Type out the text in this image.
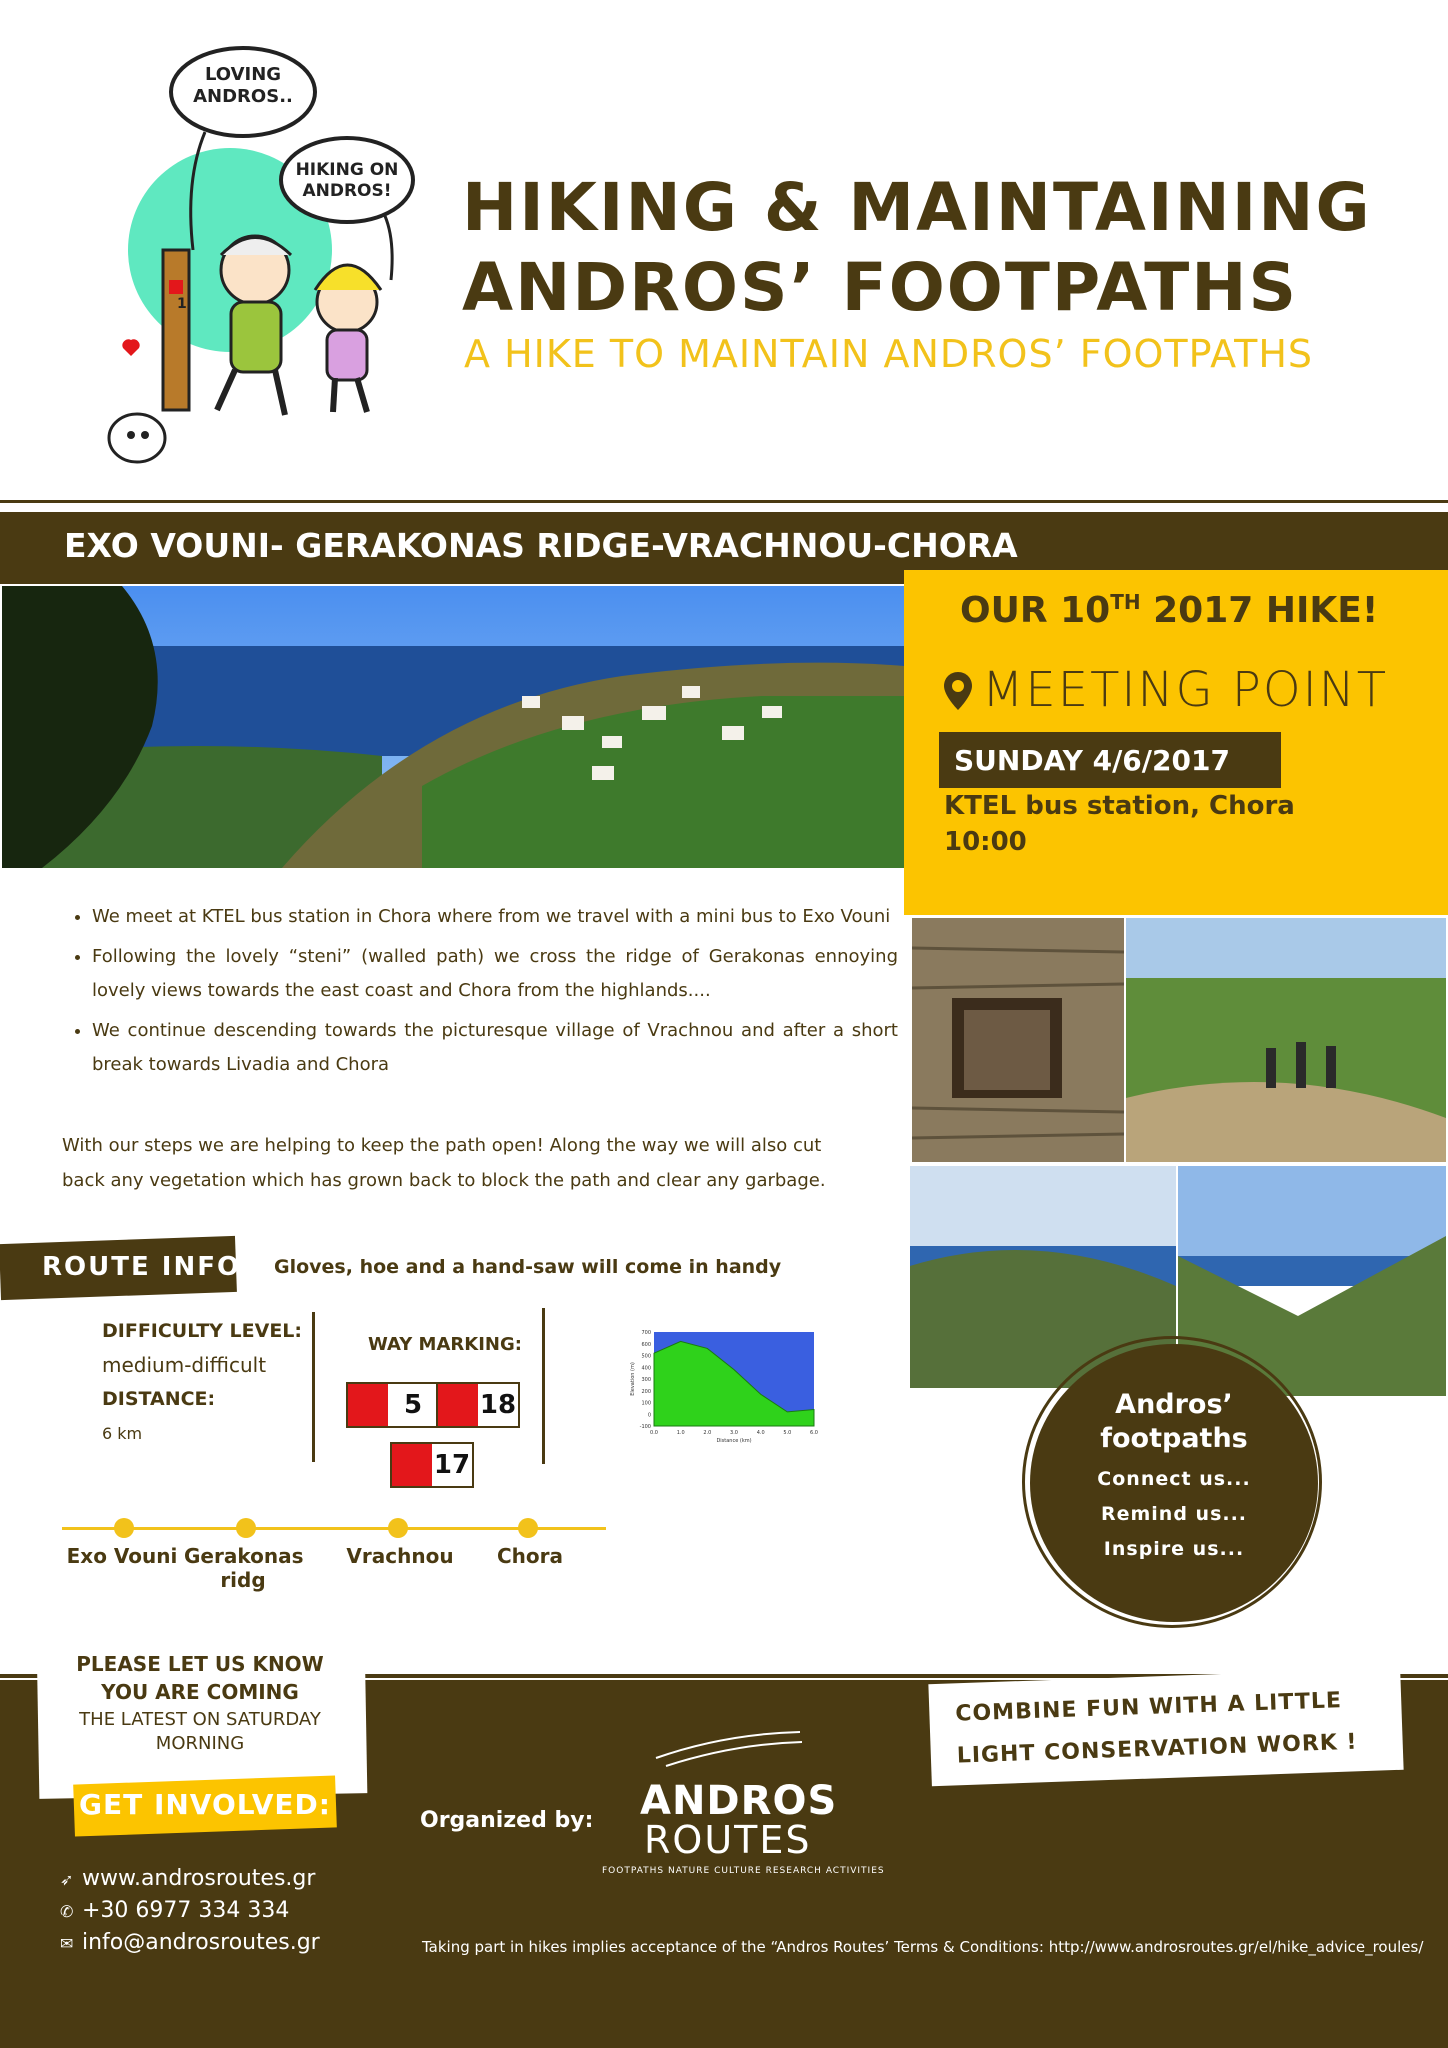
LOVING ANDROS..
HIKING ON ANDROS!
1
HIKING & MAINTAINING
ANDROS’ FOOTPATHS
A HIKE TO MAINTAIN ANDROS’ FOOTPATHS
EXO VOUNI- GERAKONAS RIDGE-VRACHNOU-CHORA
OUR 10TH 2017 HIKE!
MEETING POINT
SUNDAY 4/6/2017
KTEL bus station, Chora
10:00
• We meet at KTEL bus station in Chora where from we travel with a mini bus to Exo Vouni
• Following the lovely “steni” (walled path) we cross the ridge of Gerakonas ennoying lovely views towards the east coast and Chora from the highlands....
• We continue descending towards the picturesque village of Vrachnou and after a short break towards Livadia and Chora
With our steps we are helping to keep the path open! Along the way we will also cut back any vegetation which has grown back to block the path and clear any garbage.
Andros’
footpaths
Connect us...
Remind us...
Inspire us...
ROUTE INFO: Gloves, hoe and a hand-saw will come in handy
DIFFICULTY LEVEL:
medium-difficult
DISTANCE:
6 km
WAY MARKING:
5	18
17
0.0	1.0	2.0	3.0	4.0	5.0	6.0
-100
0
100
200
300
400
500
600
700
Distance (km)
Elevation (m)
Exo Vouni Gerakonas ridg
Vrachnou	Chora
PLEASE LET US KNOW YOU ARE COMING
THE LATEST ON SATURDAY MORNING
GET INVOLVED:
COMBINE FUN WITH A LITTLE
LIGHT CONSERVATION WORK !
Organized by: ANDROS
ROUTES
FOOTPATHS NATURE CULTURE RESEARCH ACTIVITIES
➶ www.androsroutes.gr
✆ +30 6977 334 334
✉ info@androsroutes.gr	Taking part in hikes implies acceptance of the “Andros Routes’ Terms & Conditions: http://www.androsroutes.gr/el/hike_advice_roules/
